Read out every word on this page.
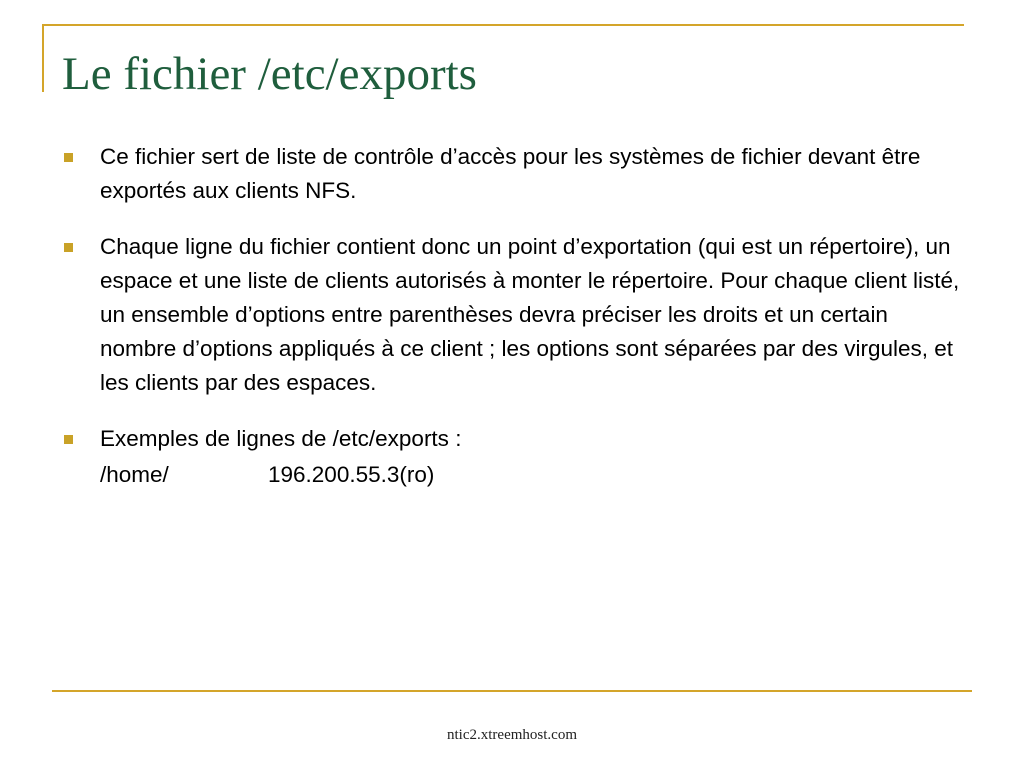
Le fichier /etc/exports
Ce fichier sert de liste de contrôle d’accès pour les systèmes de fichier devant être exportés aux clients NFS.
Chaque ligne du fichier contient donc un point d’exportation (qui est un répertoire), un espace et une liste de clients autorisés à monter le répertoire. Pour chaque client listé, un ensemble d’options entre parenthèses devra préciser les droits et un certain nombre d’options appliqués à ce client ; les options sont séparées par des virgules, et les clients par des espaces.
Exemples de lignes de /etc/exports :
/home/	196.200.55.3(ro)
ntic2.xtreemhost.com
